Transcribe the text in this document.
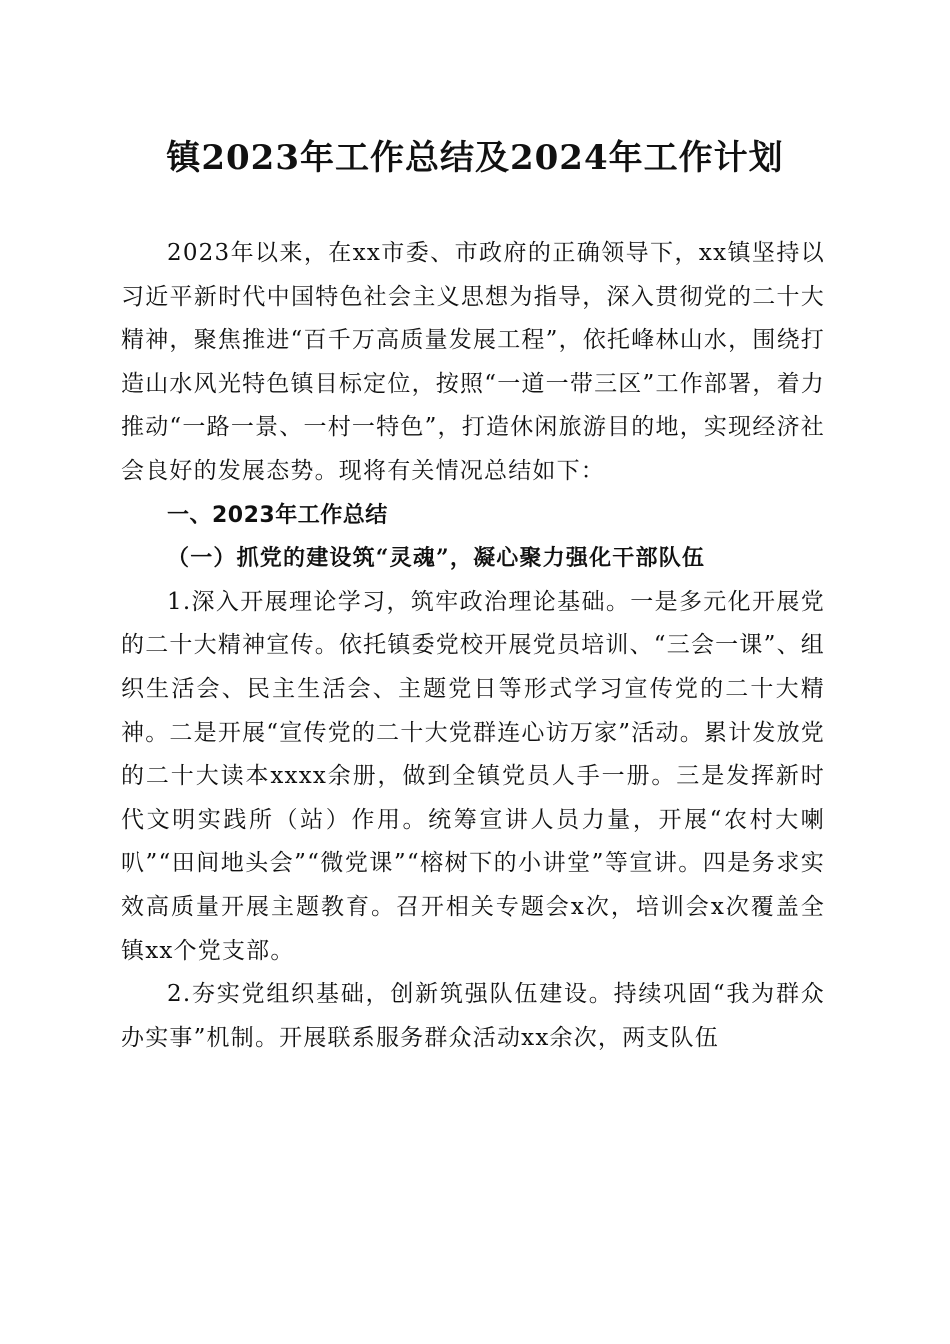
镇2023年工作总结及2024年工作计划

2023年以来，在xx市委、市政府的正确领导下，xx镇坚持以习近平新时代中国特色社会主义思想为指导，深入贯彻党的二十大精神，聚焦推进“百千万高质量发展工程”，依托峰林山水，围绕打造山水风光特色镇目标定位，按照“一道一带三区”工作部署，着力推动“一路一景、一村一特色”，打造休闲旅游目的地，实现经济社会良好的发展态势。现将有关情况总结如下：

一、2023年工作总结

（一）抓党的建设筑“灵魂”，凝心聚力强化干部队伍

1.深入开展理论学习，筑牢政治理论基础。一是多元化开展党的二十大精神宣传。依托镇委党校开展党员培训、“三会一课”、组织生活会、民主生活会、主题党日等形式学习宣传党的二十大精神。二是开展“宣传党的二十大党群连心访万家”活动。累计发放党的二十大读本xxxx余册，做到全镇党员人手一册。三是发挥新时代文明实践所（站）作用。统筹宣讲人员力量，开展“农村大喇叭”“田间地头会”“微党课”“榕树下的小讲堂”等宣讲。四是务求实效高质量开展主题教育。召开相关专题会x次，培训会x次覆盖全镇xx个党支部。

2.夯实党组织基础，创新筑强队伍建设。持续巩固“我为群众办实事”机制。开展联系服务群众活动xx余次，两支队伍
